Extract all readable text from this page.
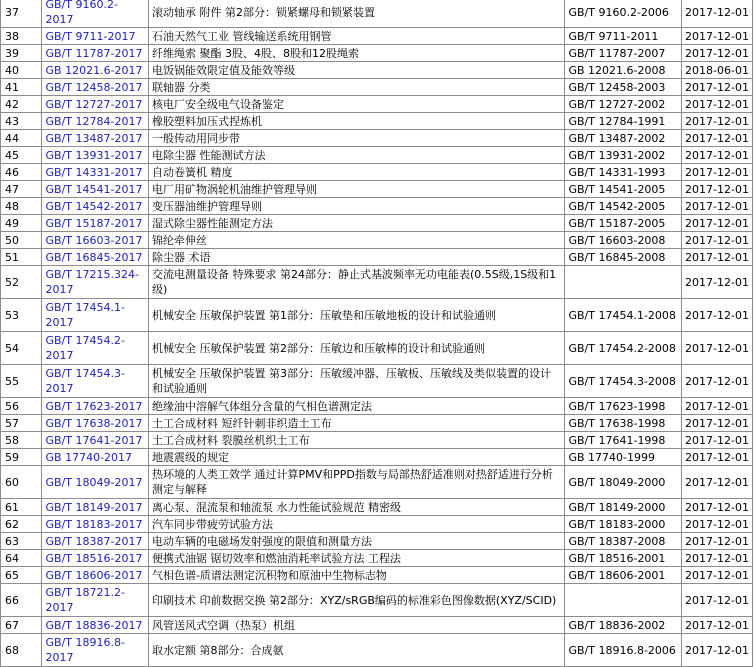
37	GB/T 9160.2-2017	滚动轴承 附件 第2部分：锁紧螺母和锁紧装置	GB/T 9160.2-2006	2017-12-01
38	GB/T 9711-2017	石油天然气工业 管线输送系统用钢管	GB/T 9711-2011	2017-12-01
39	GB/T 11787-2017	纤维绳索 聚酯 3股、4股、8股和12股绳索	GB/T 11787-2007	2017-12-01
40	GB 12021.6-2017	电饭锅能效限定值及能效等级	GB 12021.6-2008	2018-06-01
41	GB/T 12458-2017	联轴器 分类	GB/T 12458-2003	2017-12-01
42	GB/T 12727-2017	核电厂安全级电气设备鉴定	GB/T 12727-2002	2017-12-01
43	GB/T 12784-2017	橡胶塑料加压式捏炼机	GB/T 12784-1991	2017-12-01
44	GB/T 13487-2017	一般传动用同步带	GB/T 13487-2002	2017-12-01
45	GB/T 13931-2017	电除尘器 性能测试方法	GB/T 13931-2002	2017-12-01
46	GB/T 14331-2017	自动卷簧机 精度	GB/T 14331-1993	2017-12-01
47	GB/T 14541-2017	电厂用矿物涡轮机油维护管理导则	GB/T 14541-2005	2017-12-01
48	GB/T 14542-2017	变压器油维护管理导则	GB/T 14542-2005	2017-12-01
49	GB/T 15187-2017	湿式除尘器性能测定方法	GB/T 15187-2005	2017-12-01
50	GB/T 16603-2017	锦纶牵伸丝	GB/T 16603-2008	2017-12-01
51	GB/T 16845-2017	除尘器 术语	GB/T 16845-2008	2017-12-01
52	GB/T 17215.324-2017	交流电测量设备 特殊要求 第24部分：静止式基波频率无功电能表(0.5S级,1S级和1级)		2017-12-01
53	GB/T 17454.1-2017	机械安全 压敏保护装置 第1部分：压敏垫和压敏地板的设计和试验通则	GB/T 17454.1-2008	2017-12-01
54	GB/T 17454.2-2017	机械安全 压敏保护装置 第2部分：压敏边和压敏棒的设计和试验通则	GB/T 17454.2-2008	2017-12-01
55	GB/T 17454.3-2017	机械安全 压敏保护装置 第3部分：压敏缓冲器、压敏板、压敏线及类似装置的设计和试验通则	GB/T 17454.3-2008	2017-12-01
56	GB/T 17623-2017	绝缘油中溶解气体组分含量的气相色谱测定法	GB/T 17623-1998	2017-12-01
57	GB/T 17638-2017	土工合成材料 短纤针刺非织造土工布	GB/T 17638-1998	2017-12-01
58	GB/T 17641-2017	土工合成材料 裂膜丝机织土工布	GB/T 17641-1998	2017-12-01
59	GB 17740-2017	地震震级的规定	GB 17740-1999	2017-12-01
60	GB/T 18049-2017	热环境的人类工效学 通过计算PMV和PPD指数与局部热舒适准则对热舒适进行分析测定与解释	GB/T 18049-2000	2017-12-01
61	GB/T 18149-2017	离心泵、混流泵和轴流泵 水力性能试验规范 精密级	GB/T 18149-2000	2017-12-01
62	GB/T 18183-2017	汽车同步带疲劳试验方法	GB/T 18183-2000	2017-12-01
63	GB/T 18387-2017	电动车辆的电磁场发射强度的限值和测量方法	GB/T 18387-2008	2017-12-01
64	GB/T 18516-2017	便携式油锯 锯切效率和燃油消耗率试验方法 工程法	GB/T 18516-2001	2017-12-01
65	GB/T 18606-2017	气相色谱-质谱法测定沉积物和原油中生物标志物	GB/T 18606-2001	2017-12-01
66	GB/T 18721.2-2017	印刷技术 印前数据交换 第2部分：XYZ/sRGB编码的标准彩色图像数据(XYZ/SCID)		2017-12-01
67	GB/T 18836-2017	风管送风式空调（热泵）机组	GB/T 18836-2002	2017-12-01
68	GB/T 18916.8-2017	取水定额 第8部分：合成氨	GB/T 18916.8-2006	2017-12-01
